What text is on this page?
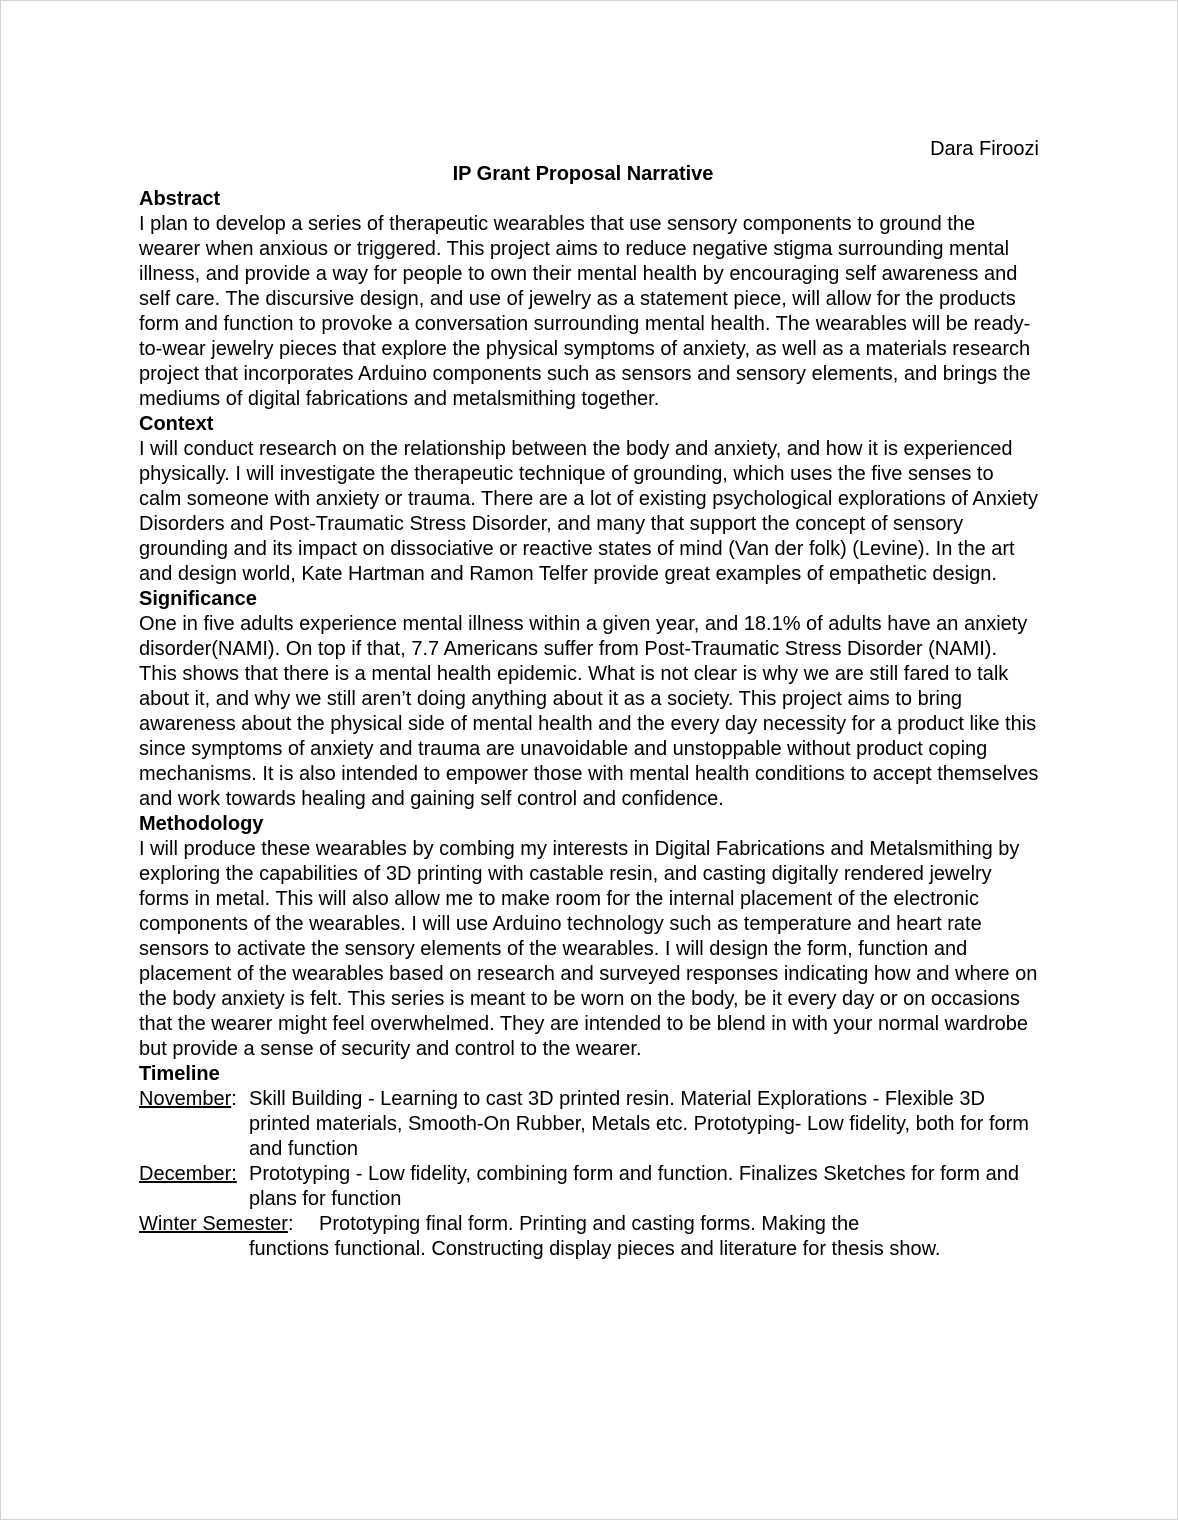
Dara Firoozi

IP Grant Proposal Narrative

Abstract

I plan to develop a series of therapeutic wearables that use sensory components to ground the wearer when anxious or triggered. This project aims to reduce negative stigma surrounding mental illness, and provide a way for people to own their mental health by encouraging self awareness and self care. The discursive design, and use of jewelry as a statement piece, will allow for the products form and function to provoke a conversation surrounding mental health. The wearables will be ready-to-wear jewelry pieces that explore the physical symptoms of anxiety, as well as a materials research project that incorporates Arduino components such as sensors and sensory elements, and brings the mediums of digital fabrications and metalsmithing together.

Context

I will conduct research on the relationship between the body and anxiety, and how it is experienced physically. I will investigate the therapeutic technique of grounding, which uses the five senses to calm someone with anxiety or trauma. There are a lot of existing psychological explorations of Anxiety Disorders and Post-Traumatic Stress Disorder, and many that support the concept of sensory grounding and its impact on dissociative or reactive states of mind (Van der folk) (Levine). In the art and design world, Kate Hartman and Ramon Telfer provide great examples of empathetic design.

Significance

One in five adults experience mental illness within a given year, and 18.1% of adults have an anxiety disorder(NAMI). On top if that, 7.7 Americans suffer from Post-Traumatic Stress Disorder (NAMI). This shows that there is a mental health epidemic. What is not clear is why we are still fared to talk about it, and why we still aren’t doing anything about it as a society. This project aims to bring awareness about the physical side of mental health and the every day necessity for a product like this since symptoms of anxiety and trauma are unavoidable and unstoppable without product coping mechanisms. It is also intended to empower those with mental health conditions to accept themselves and work towards healing and gaining self control and confidence.

Methodology

I will produce these wearables by combing my interests in Digital Fabrications and Metalsmithing by exploring the capabilities of 3D printing with castable resin, and casting digitally rendered jewelry forms in metal. This will also allow me to make room for the internal placement of the electronic components of the wearables. I will use Arduino technology such as temperature and heart rate sensors to activate the sensory elements of the wearables. I will design the form, function and placement of the wearables based on research and surveyed responses indicating how and where on the body anxiety is felt. This series is meant to be worn on the body, be it every day or on occasions that the wearer might feel overwhelmed. They are intended to be blend in with your normal wardrobe but provide a sense of security and control to the wearer.

Timeline

November: Skill Building - Learning to cast 3D printed resin. Material Explorations - Flexible 3D printed materials, Smooth-On Rubber, Metals etc. Prototyping- Low fidelity, both for form and function
December: Prototyping - Low fidelity, combining form and function. Finalizes Sketches for form and plans for function
Winter Semester: Prototyping final form. Printing and casting forms. Making the
functions functional. Constructing display pieces and literature for thesis show.
